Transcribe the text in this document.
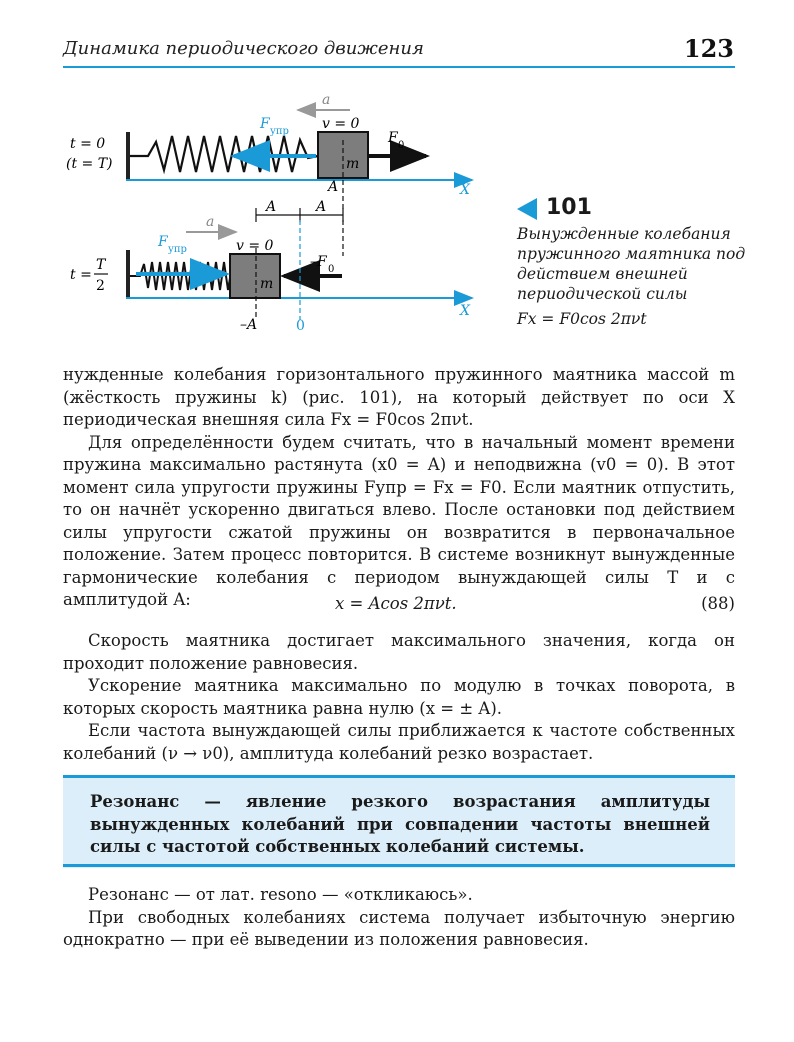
Динамика периодического движения	123
t = 0
(t = T)
X
m
F упр	F 0
a
v = 0
A
A	A
t =
T
2
X
m
F упр
–F 0
a
v = 0
–A	0
101
Вынужденные колебания пружинного маятника под действием внешней периодической силы
Fx = F0cos 2πνt

нужденные колебания горизонтального пружинного маятника массой m (жёсткость пружины k) (рис. 101), на который действует по оси X периодическая внешняя сила Fx = F0cos 2πνt.

Для определённости будем считать, что в начальный момент времени пружина максимально растянута (x0 = A) и неподвижна (v0 = 0). В этот момент сила упругости пружины Fупр = Fx = F0. Если маятник отпустить, то он начнёт ускоренно двигаться влево. После остановки под действием силы упругости сжатой пружины он возвратится в первоначальное положение. Затем процесс повторится. В системе возникнут вынужденные гармонические колебания с периодом вынуждающей силы T и с амплитудой A:	x = Acos 2πνt.	(88)

Скорость маятника достигает максимального значения, когда он проходит положение равновесия.

Ускорение маятника максимально по модулю в точках поворота, в которых скорость маятника равна нулю (x = ± A).

Если частота вынуждающей силы приближается к частоте собственных колебаний (ν → ν0), амплитуда колебаний резко возрастает.

Резонанс — явление резкого возрастания амплитуды вынужденных колебаний при совпадении частоты внешней силы с частотой собственных колебаний системы.

Резонанс — от лат. resono — «откликаюсь».

При свободных колебаниях система получает избыточную энергию однократно — при её выведении из положения равновесия.
